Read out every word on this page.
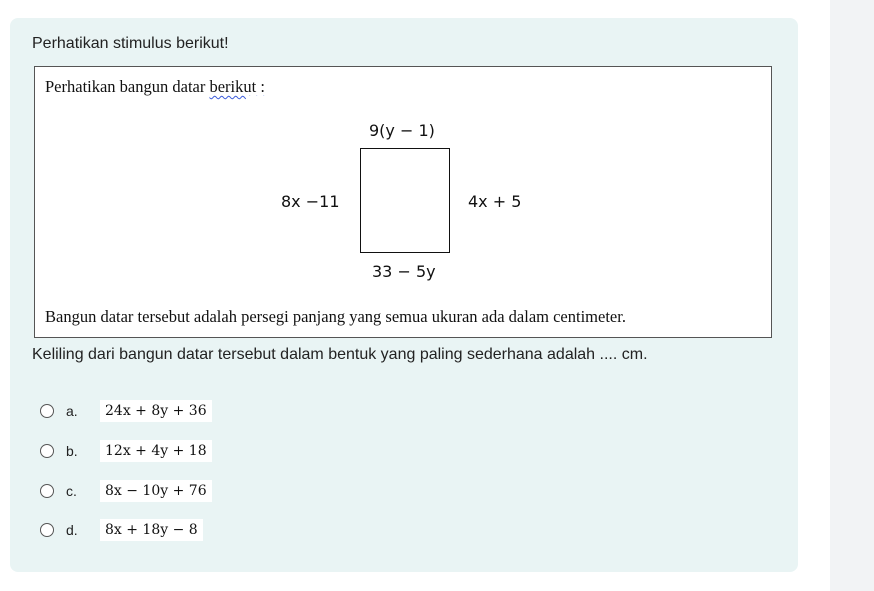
Perhatikan stimulus berikut!
Perhatikan bangun datar berikut :
9(y − 1)
8x −11	4x + 5
33 − 5y
Bangun datar tersebut adalah persegi panjang yang semua ukuran ada dalam centimeter.
Keliling dari bangun datar tersebut dalam bentuk yang paling sederhana adalah .... cm.
a.	24x + 8y + 36
b.	12x + 4y + 18
c.	8x − 10y + 76
d.	8x + 18y − 8
